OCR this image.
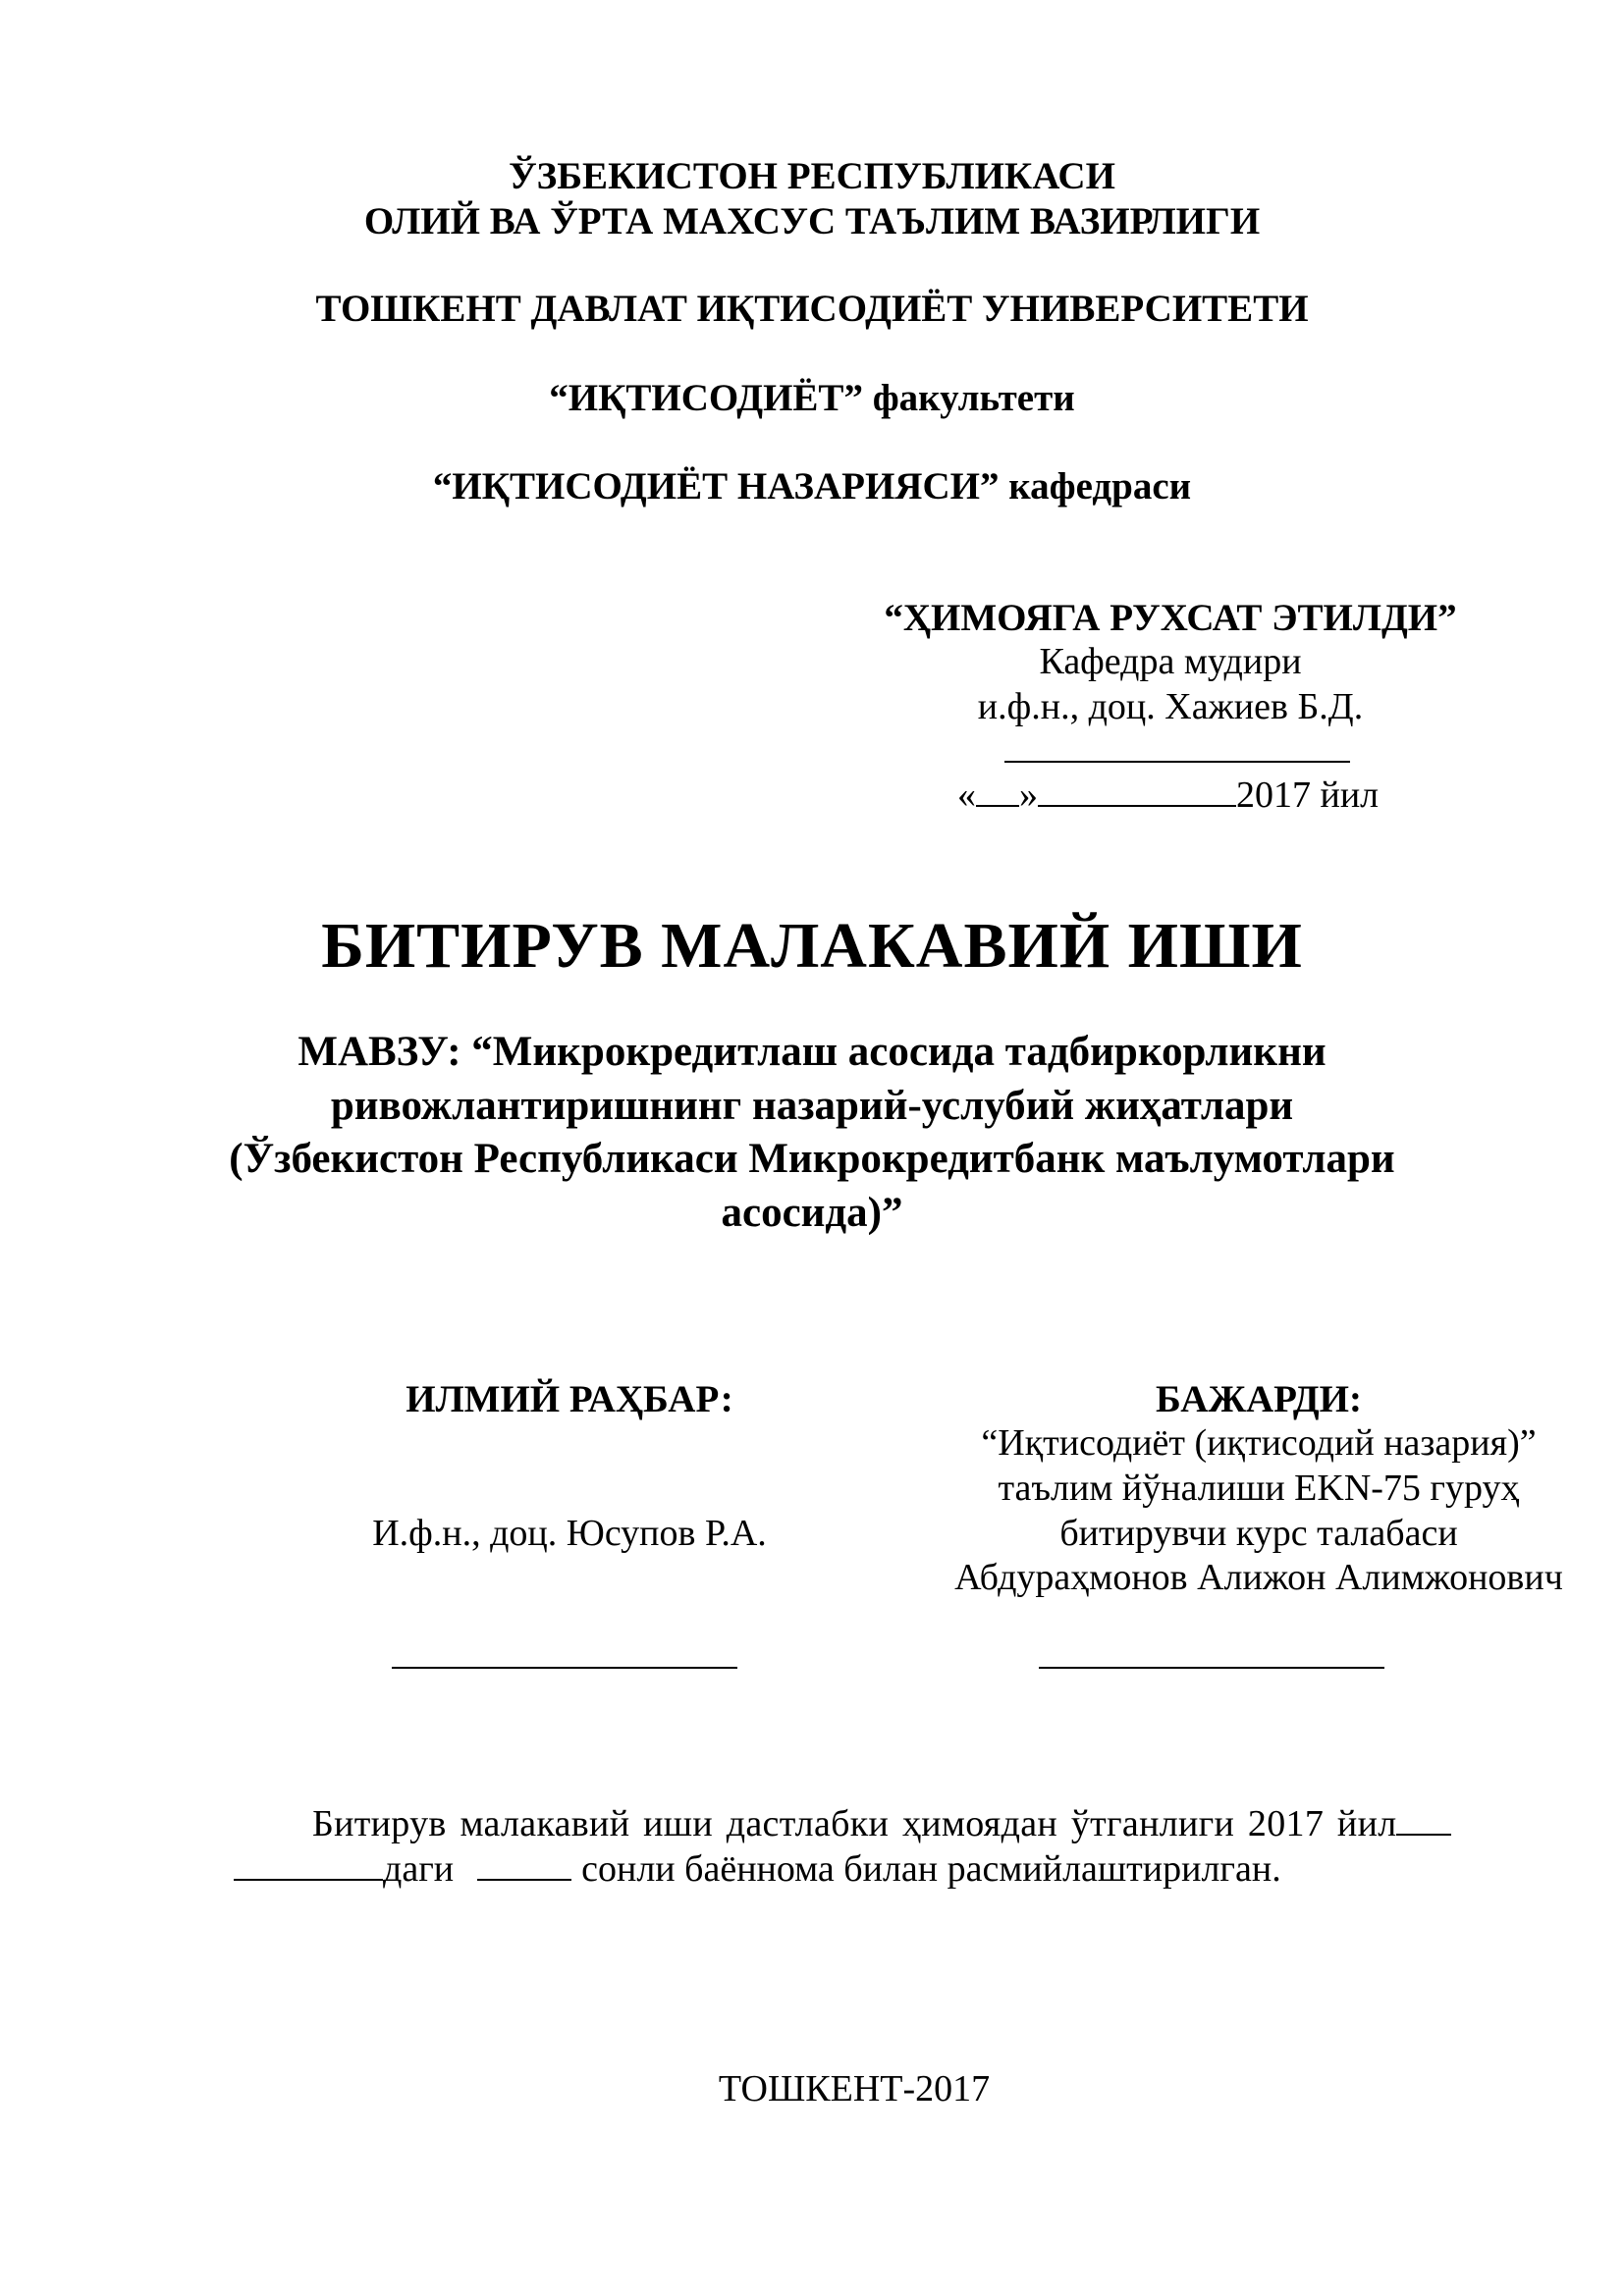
ЎЗБЕКИСТОН РЕСПУБЛИКАСИ
ОЛИЙ ВА ЎРТА МАХСУС ТАЪЛИМ ВАЗИРЛИГИ
ТОШКЕНТ ДАВЛАТ ИҚТИСОДИЁТ УНИВЕРСИТЕТИ
“ИҚТИСОДИЁТ” факультети
“ИҚТИСОДИЁТ НАЗАРИЯСИ” кафедраси
“ҲИМОЯГА РУХСАТ ЭТИЛДИ”
Кафедра мудири
и.ф.н., доц. Хажиев Б.Д.
« »	2017 йил
БИТИРУВ МАЛАКАВИЙ ИШИ
МАВЗУ: “Микрокредитлаш асосида тадбиркорликни
ривожлантиришнинг назарий-услубий жиҳатлари
(Ўзбекистон Республикаси Микрокредитбанк маълумотлари
асосида)”
ИЛМИЙ РАҲБАР:
И.ф.н., доц. Юсупов Р.А.
БАЖАРДИ:
“Иқтисодиёт (иқтисодий назария)”
таълим йўналиши EKN-75 гуруҳ
битирувчи курс талабаси
Абдураҳмонов Алижон Алимжонович
Битирув малакавий иши дастлабки ҳимоядан ўтганлиги 2017 йил
даги	сонли баённома билан расмийлаштирилган.
ТОШКЕНТ-2017
